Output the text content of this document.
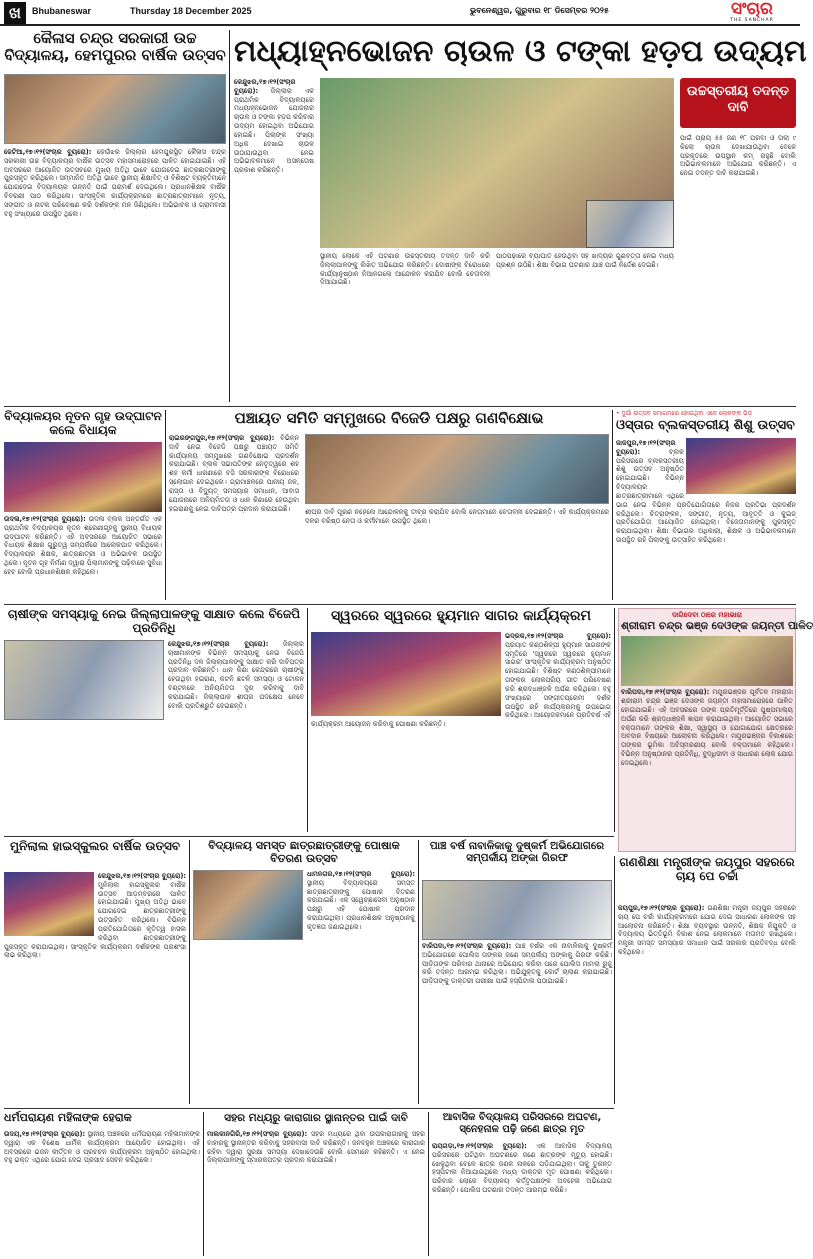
ଖ	Bhubaneswar	Thursday 18 December 2025	ଭୁବନେଶ୍ୱର, ଗୁରୁବାର ୧୮ ଡିସେମ୍ବର ୨୦୨୫	ସଂଚାର
THE SANCHAR
କୈଳାସ ଚନ୍ଦ୍ର ସରକାରୀ ଉଚ୍ଚ ବିଦ୍ୟାଳୟ, ହେମପୁରର ବାର୍ଷିକ ଉତ୍ସବ
ଜେଟିଆ,୧୭।୧୨(ସଂଚାର ବ୍ୟୁରୋ): କେଉଁଝର ଜିଲ୍ଲାର ହେମପୁରସ୍ଥିତ କୈଳାସ ଚନ୍ଦ୍ର ସରକାରୀ ଉଚ୍ଚ ବିଦ୍ୟାଳୟର ବାର୍ଷିକ ଉତ୍ସବ ମହାସମାରୋହରେ ପାଳିତ ହୋଇଯାଇଛି। ଏହି ଅବସରରେ ଆୟୋଜିତ ଉତ୍ସବରେ ମୁଖ୍ୟ ଅତିଥି ଭାବେ ଯୋଗଦେଇ ଛାତ୍ରଛାତ୍ରୀଙ୍କୁ ପୁରସ୍କୃତ କରିଥିଲେ। ସମ୍ମାନିତ ଅତିଥି ଭାବେ ସ୍ଥାନୀୟ ଶିକ୍ଷାବିତ୍ ଓ ବିଶିଷ୍ଟ ବ୍ୟକ୍ତିମାନେ ଯୋଗଦେଇ ବିଦ୍ୟାଳୟର ଉନ୍ନତି ପାଇଁ ପରାମର୍ଶ ଦେଇଥିଲେ। ପ୍ରଧାନଶିକ୍ଷକ ବାର୍ଷିକ ବିବରଣୀ ପାଠ କରିଥିଲେ। ସାଂସ୍କୃତିକ କାର୍ଯ୍ୟକ୍ରମରେ ଛାତ୍ରଛାତ୍ରୀମାନେ ନୃତ୍ୟ, ସଙ୍ଗୀତ ଓ ନାଟକ ପରିବେଷଣ କରି ଦର୍ଶକଙ୍କ ମନ ଜିଣିଥିଲେ। ଅଭିଭାବକ ଓ ଗ୍ରାମବାସୀ ବହୁ ସଂଖ୍ୟାରେ ଉପସ୍ଥିତ ଥିଲେ।
ମଧ୍ୟାହ୍ନଭୋଜନ ଚାଉଳ ଓ ଟଙ୍କା ହଡ଼ପ ଉଦ୍ୟମ
କେନ୍ଦୁଝର,୧୭।୧୨(ସଂଚାର ବ୍ୟୁରୋ): ଜିଲ୍ଲାର ଏକ ପ୍ରାଥମିକ ବିଦ୍ୟାଳୟରେ ମଧ୍ୟାହ୍ନଭୋଜନ ଯୋଜନାର ଚାଉଳ ଓ ଟଙ୍କା ହଡ଼ପ କରିବାର ଉଦ୍ୟମ ହୋଇଥିବା ଅଭିଯୋଗ ହୋଇଛି। ପିଲାଙ୍କ ସଂଖ୍ୟା ଅଧିକ ଦେଖାଇ ଚାଉଳ ଉଠାଯାଉଥିବା ନେଇ ଅଭିଭାବକମାନେ ଅସନ୍ତୋଷ ପ୍ରକାଶ କରିଛନ୍ତି।
ସ୍ଥାନୀୟ ଲୋକେ ଏହି ଘଟଣାର ଉଚ୍ଚସ୍ତରୀୟ ତଦନ୍ତ ଦାବି କରି ଜିଲ୍ଲାପାଳଙ୍କୁ ଲିଖିତ ଅଭିଯୋଗ କରିଛନ୍ତି। ଦୋଷୀଙ୍କ ବିରୋଧରେ କାର୍ଯ୍ୟାନୁଷ୍ଠାନ ନିଆନଗଲେ ଆନ୍ଦୋଳନ କରାଯିବ ବୋଲି ଚେତାବନୀ ଦିଆଯାଇଛି।
ପାଠପଢ଼ାରେ ବ୍ୟାଘାତ ହେଉଥିବା ସହ ଖାଦ୍ୟର ଗୁଣବତ୍ତା ନେଇ ମଧ୍ୟ ପ୍ରଶ୍ନ ଉଠିଛି। ଶିକ୍ଷା ବିଭାଗ ଘଟଣାର ଯାଞ୍ଚ ପାଇଁ ନିର୍ଦ୍ଦେଶ ଦେଇଛି।
ଉଚ୍ଚସ୍ତରୀୟ ତଦନ୍ତ ଦାବି
ପାଇଁ ପ୍ରାୟ ୫୫ ଜଣ ୧୮ ପରବା ଓ ତାଲା ୯ କିଲୋ ଚାଉଳ ଦେଖାଯାଉଥିବା ବେଳେ ପ୍ରକୃତରେ ଉପସ୍ଥାନ କମ୍ ରହୁଛି ବୋଲି ଅଭିଭାବକମାନେ ଅଭିଯୋଗ କରିଛନ୍ତି। ଏ ନେଇ ତଦନ୍ତ ଦାବି କରାଯାଇଛି।
ବିଦ୍ୟାଳୟର ନୂତନ ଗୃହ ଉଦ୍‌ଘାଟନ କଲେ ବିଧାୟକ
ଉଦଳା,୧୭।୧୨(ସଂଚାର ବ୍ୟୁରୋ): ଉଦଳା ବ୍ଲକ ଅନ୍ତର୍ଗତ ଏକ ପ୍ରାଥମିକ ବିଦ୍ୟାଳୟର ନୂତନ ଶ୍ରେଣୀଗୃହକୁ ସ୍ଥାନୀୟ ବିଧାୟକ ଉଦ୍‌ଘାଟନ କରିଛନ୍ତି। ଏହି ଅବସରରେ ଆୟୋଜିତ ସଭାରେ ବିଧାୟକ ଶିକ୍ଷାର ଗୁରୁତ୍ୱ ସମ୍ପର୍କରେ ଆଲୋକପାତ କରିଥିଲେ। ବିଦ୍ୟାଳୟର ଶିକ୍ଷକ, ଛାତ୍ରଛାତ୍ରୀ ଓ ଅଭିଭାବକ ଉପସ୍ଥିତ ଥିଲେ। ନୂତନ ଗୃହ ନିର୍ମାଣ ଦ୍ୱାରା ପିଲାମାନଙ୍କୁ ପଢ଼ିବାରେ ସୁବିଧା ହେବ ବୋଲି ପ୍ରଧାନଶିକ୍ଷକ କହିଥିଲେ।
ପଞ୍ଚାୟତ ସମିତି ସମ୍ମୁଖରେ ବିଜେଡି ପକ୍ଷରୁ ଗଣବିକ୍ଷୋଭ
ରାଇରଙ୍ଗପୁର,୧୭।୧୨(ସଂଚାର ବ୍ୟୁରୋ): ବିଭିନ୍ନ ଦାବି ନେଇ ବିଜେଡି ପକ୍ଷରୁ ପଞ୍ଚାୟତ ସମିତି କାର୍ଯ୍ୟାଳୟ ସମ୍ମୁଖରେ ଗଣବିକ୍ଷୋଭ ପ୍ରଦର୍ଶନ କରାଯାଇଛି। ବ୍ଲକ ସଭାପତିଙ୍କ ନେତୃତ୍ୱରେ ଶହ ଶହ କର୍ମୀ ଧାରଣାରେ ବସି ସରକାରଙ୍କ ବିରୋଧରେ ସ୍ଲୋଗାନ ଦେଇଥିଲେ। ଗ୍ରାମାଞ୍ଚଳରେ ପାନୀୟ ଜଳ, ରାସ୍ତା ଓ ବିଦ୍ୟୁତ୍ ସମସ୍ୟାର ସମାଧାନ, ଆବାସ ଯୋଜନାରେ ଅନିୟମିତତା ଓ ଧାନ କିଣାରେ ହେଉଥିବା ହଇରାଣକୁ ନେଇ ଦାବିପତ୍ର ପ୍ରଦାନ କରାଯାଇଛି।	ଶୀଘ୍ର ଦାବି ପୂରଣ ନହେଲେ ଆନ୍ଦୋଳନକୁ ତୀବ୍ର କରାଯିବ ବୋଲି ନେତାମାନେ ଚେତାବନୀ ଦେଇଛନ୍ତି। ଏହି କାର୍ଯ୍ୟକ୍ରମରେ ଦଳର ବରିଷ୍ଠ ନେତା ଓ କର୍ମୀମାନେ ଉପସ୍ଥିତ ଥିଲେ।
• ଦୁର୍ଗା ଉତ୍ସବ ସମାଗମରେ ହୋଇଥିବା ଏବେ ଲୋକଙ୍କ ଭିଡ଼
ଓସ୍ତାର ବ୍ଲକସ୍ତରୀୟ ଶିଶୁ ଉତ୍ସବ
ଜାଜପୁର,୧୭।୧୨(ସଂଚାର ବ୍ୟୁରୋ):	ବ୍ଲକ ପରିସରରେ ବ୍ଲକସ୍ତରୀୟ ଶିଶୁ ଉତ୍ସବ ଅନୁଷ୍ଠିତ ହୋଇଯାଇଛି। ବିଭିନ୍ନ ବିଦ୍ୟାଳୟର ଛାତ୍ରଛାତ୍ରୀମାନେ ଏଥିରେ ଭାଗ ନେଇ ବିଭିନ୍ନ ପ୍ରତିଯୋଗିତାରେ ନିଜର ପ୍ରତିଭା ପ୍ରଦର୍ଶନ କରିଥିଲେ। ଚିତ୍ରାଙ୍କନ, ସଙ୍ଗୀତ, ନୃତ୍ୟ, ଆବୃତ୍ତି ଓ କୁଇଜ୍ ପ୍ରତିଯୋଗିତା ଆୟୋଜିତ ହୋଇଥିଲା। ବିଜେତାମାନଙ୍କୁ ପୁରସ୍କୃତ କରାଯାଇଥିଲା। ଶିକ୍ଷା ବିଭାଗର ଅଧିକାରୀ, ଶିକ୍ଷକ ଓ ଅଭିଭାବକମାନେ ଉପସ୍ଥିତ ରହି ପିଲାଙ୍କୁ ଉତ୍ସାହିତ କରିଥିଲେ।
ଚାଷୀଙ୍କ ସମସ୍ୟାକୁ ନେଇ ଜିଲ୍ଲାପାଳଙ୍କୁ ସାକ୍ଷାତ କଲେ ବିଜେପି ପ୍ରତିନିଧି
କେନ୍ଦୁଝର,୧୭।୧୨(ସଂଚାର ବ୍ୟୁରୋ): ଜିଲ୍ଲାର ଚାଷୀମାନଙ୍କ ବିଭିନ୍ନ ସମସ୍ୟାକୁ ନେଇ ବିଜେପି ପ୍ରତିନିଧି ଦଳ ଜିଲ୍ଲାପାଳଙ୍କୁ ସାକ୍ଷାତ କରି ଦାବିପତ୍ର ପ୍ରଦାନ କରିଛନ୍ତି। ଧାନ କିଣା କେନ୍ଦ୍ରରେ ଚାଷୀଙ୍କୁ ହେଉଥିବା ହଇରାଣ, କଟନି ଛଟନି ସମସ୍ୟା ଓ ଟୋକନ ବଣ୍ଟନରେ ଅନିୟମିତତା ଦୂର କରିବାକୁ ଦାବି କରାଯାଇଛି। ଜିଲ୍ଲାପାଳ ଶୀଘ୍ର ପଦକ୍ଷେପ ନେବେ ବୋଲି ପ୍ରତିଶ୍ରୁତି ଦେଇଛନ୍ତି।
ସ୍ୱରରେ ସ୍ୱରରେ ହ୍ୟୁମାନ ସାଗର କାର୍ଯ୍ୟକ୍ରମ
ଭଦ୍ରକ,୧୭।୧୨(ସଂଚାର ବ୍ୟୁରୋ): ପ୍ରୟାତ କଣ୍ଠଶିଳ୍ପୀ ହ୍ୟୁମାନ ସାଗରଙ୍କ ସ୍ମୃତିରେ 'ସ୍ୱରରେ ସ୍ୱରରେ ହ୍ୟୁମାନ ସାଗର' ସାଂସ୍କୃତିକ କାର୍ଯ୍ୟକ୍ରମ ଅନୁଷ୍ଠିତ ହୋଇଯାଇଛି। ବିଶିଷ୍ଟ କଣ୍ଠଶିଳ୍ପୀମାନେ ତାଙ୍କର ଲୋକପ୍ରିୟ ଗୀତ ପରିବେଷଣ କରି ଶ୍ରଦ୍ଧାଞ୍ଜଳି ଅର୍ପଣ କରିଥିଲେ। ବହୁ ସଂଖ୍ୟାରେ ସଙ୍ଗୀତପ୍ରେମୀ ଦର୍ଶକ ଉପସ୍ଥିତ ରହି କାର୍ଯ୍ୟକ୍ରମକୁ ଉପଭୋଗ କରିଥିଲେ। ଆୟୋଜକମାନେ ପ୍ରତିବର୍ଷ ଏହି କାର୍ଯ୍ୟକ୍ରମ ଆୟୋଜନ କରିବାକୁ ଘୋଷଣା କରିଛନ୍ତି।
ଦାଗିଦେବା ଠାରେ ମହାଭାରା
ଶ୍ରୀରାମ ଚନ୍ଦ୍ର ଭଞ୍ଜ ଦେଓଙ୍କ ଜୟନ୍ତୀ ପାଳିତ
ବାରିପଦା,୧୭।୧୨(ସଂଚାର ବ୍ୟୁରୋ): ମୟୂରଭଞ୍ଜର ପୂର୍ବତନ ମହାରାଜା ଶ୍ରୀରାମ ଚନ୍ଦ୍ର ଭଞ୍ଜ ଦେଓଙ୍କ ଜୟନ୍ତୀ ମହାସମାରୋହରେ ପାଳିତ ହୋଇଯାଇଛି। ଏହି ଅବସରରେ ତାଙ୍କ ପ୍ରତିମୂର୍ତ୍ତିରେ ପୁଷ୍ପମାଲ୍ୟ ଅର୍ପଣ କରି ଶ୍ରଦ୍ଧାଞ୍ଜଳି ଜ୍ଞାପନ କରାଯାଇଥିଲା। ଆୟୋଜିତ ସଭାରେ ବକ୍ତାମାନେ ତାଙ୍କର ଶିକ୍ଷା, ସ୍ୱାସ୍ଥ୍ୟ ଓ ଯୋଗାଯୋଗ କ୍ଷେତ୍ରରେ ଅବଦାନ ବିଷୟରେ ଆଲୋଚନା କରିଥିଲେ। ମୟୂରଭଞ୍ଜର ବିକାଶରେ ତାଙ୍କର ଭୂମିକା ଅବିସ୍ମରଣୀୟ ବୋଲି ବକ୍ତାମାନେ କହିଥିଲେ। ବିଭିନ୍ନ ଅନୁଷ୍ଠାନର ପ୍ରତିନିଧି, ବୁଦ୍ଧିଜୀବୀ ଓ ସାଧାରଣ ଲୋକ ଯୋଗ ଦେଇଥିଲେ।
ମୁନିଲାଲ ହାଇସ୍କୁଲର ବାର୍ଷିକ ଉତ୍ସବ
କେନ୍ଦୁଝର,୧୭।୧୨(ସଂଚାର ବ୍ୟୁରୋ): ମୁନିଲାଲ ହାଇସ୍କୁଲର ବାର୍ଷିକ ଉତ୍ସବ ଆଡ଼ମ୍ବରରେ ପାଳିତ ହୋଇଯାଇଛି। ମୁଖ୍ୟ ଅତିଥି ଭାବେ ଯୋଗଦେଇ ଛାତ୍ରଛାତ୍ରୀଙ୍କୁ ଉତ୍ସାହିତ କରିଥିଲେ। ବିଭିନ୍ନ ପ୍ରତିଯୋଗିତାରେ କୃତିତ୍ୱ ହାସଲ କରିଥିବା ଛାତ୍ରଛାତ୍ରୀଙ୍କୁ ପୁରସ୍କୃତ କରାଯାଇଥିଲା। ସାଂସ୍କୃତିକ କାର୍ଯ୍ୟକ୍ରମ ଦର୍ଶକଙ୍କ ପ୍ରଶଂସା ଲାଭ କରିଥିଲା।
ବିଦ୍ୟାଳୟ ସମସ୍ତ ଛାତ୍ରଛାତ୍ରୀଙ୍କୁ ପୋଷାକ ବିତରଣ ଉତ୍ସବ
ଧାମନଗର,୧୭।୧୨(ସଂଚାର ବ୍ୟୁରୋ): ସ୍ଥାନୀୟ ବିଦ୍ୟାଳୟରେ ସମସ୍ତ ଛାତ୍ରଛାତ୍ରୀଙ୍କୁ ପୋଷାକ ବିତରଣ କରାଯାଇଛି। ଏକ ସ୍ୱେଚ୍ଛାସେବୀ ଅନୁଷ୍ଠାନ ପକ୍ଷରୁ ଏହି ପୋଷାକ ପ୍ରଦାନ କରାଯାଇଥିଲା। ପ୍ରଧାନଶିକ୍ଷକ ଅନୁଷ୍ଠାନକୁ କୃତଜ୍ଞତା ଜଣାଇଥିଲେ।
ପାଞ୍ଚ ବର୍ଷ ନାବାଳିକାକୁ ଦୁଷ୍କର୍ମ ଅଭିଯୋଗରେ ସମ୍ପର୍କୀୟ ଅଙ୍କା ଗିରଫ
ବାରିପଦା,୧୭।୧୨(ସଂଚାର ବ୍ୟୁରୋ): ପାଞ୍ଚ ବର୍ଷର ଏକ ନାବାଳିକାକୁ ଦୁଷ୍କର୍ମ ଅଭିଯୋଗରେ ପୋଲିସ ତାଙ୍କର ଜଣେ ସମ୍ପର୍କୀୟ ଅଙ୍କାକୁ ଗିରଫ କରିଛି। ପୀଡ଼ିତାଙ୍କ ପରିବାର ଥାନାରେ ଅଭିଯୋଗ କରିବା ପରେ ପୋଲିସ ମାମଲା ରୁଜୁ କରି ତଦନ୍ତ ଆରମ୍ଭ କରିଥିଲା। ଅଭିଯୁକ୍ତକୁ କୋର୍ଟ ଚାଲାଣ କରାଯାଇଛି। ପୀଡ଼ିତାଙ୍କୁ ଡାକ୍ତରୀ ପରୀକ୍ଷା ପାଇଁ ହସ୍ପିଟାଲ ପଠାଯାଇଛି।
ଗଣଶିକ୍ଷା ମନ୍ତ୍ରୀଙ୍କ ଜୟପୁର ସହରରେ ଚାୟ ପେ ଚର୍ଚ୍ଚା
ଜୟପୁର,୧୭।୧୨(ସଂଚାର ବ୍ୟୁରୋ): ଗଣଶିକ୍ଷା ମନ୍ତ୍ରୀ ଜୟପୁର ସହରରେ ଚାୟ ପେ ଚର୍ଚ୍ଚା କାର୍ଯ୍ୟକ୍ରମରେ ଯୋଗ ଦେଇ ସାଧାରଣ ଲୋକଙ୍କ ସହ ଆଲୋଚନା କରିଛନ୍ତି। ଶିକ୍ଷା ବ୍ୟବସ୍ଥାର ଉନ୍ନତି, ଶିକ୍ଷକ ନିଯୁକ୍ତି ଓ ବିଦ୍ୟାଳୟ ଭିତ୍ତିଭୂମି ବିକାଶ ନେଇ ଲୋକମାନେ ମତାମତ ରଖିଥିଲେ। ମନ୍ତ୍ରୀ ସମସ୍ତ ସମସ୍ୟାର ସମାଧାନ ପାଇଁ ସରକାର ପ୍ରତିବଦ୍ଧ ବୋଲି କହିଥିଲେ।
ଧର୍ମପରାୟଣ ମହିଳାଙ୍କ ହେରାକ
ଉଦୟ,୧୭।୧୨(ସଂଚାର ବ୍ୟୁରୋ): ସ୍ଥାନୀୟ ଅଞ୍ଚଳରେ ଧର୍ମପରାୟଣ ମହିଳାମାନଙ୍କ ଦ୍ୱାରା ଏକ ବିଶେଷ ଧାର୍ମିକ କାର୍ଯ୍ୟକ୍ରମ ଆୟୋଜିତ ହୋଇଥିଲା। ଏହି ଅବସରରେ ଭଜନ କୀର୍ତ୍ତନ ଓ ପ୍ରବଚନ କାର୍ଯ୍ୟକ୍ରମ ଅନୁଷ୍ଠିତ ହୋଇଥିଲା। ବହୁ ଭକ୍ତ ଏଥିରେ ଯୋଗ ଦେଇ ପ୍ରସାଦ ସେବନ କରିଥିଲେ।
ସହର ମଧ୍ୟରୁ କାରାଗାର ସ୍ଥାନାନ୍ତର ପାଇଁ ଦାବି
ମାଲକାନଗିରି,୧୭।୧୨(ସଂଚାର ବ୍ୟୁରୋ): ସହର ମଧ୍ୟରେ ଥିବା ଉପକାରାଗାରକୁ ସହର ବାହାରକୁ ସ୍ଥାନାନ୍ତର କରିବାକୁ ସହରବାସୀ ଦାବି କରିଛନ୍ତି। ଜନବହୁଳ ଅଞ୍ଚଳରେ କାରାଗାର ରହିବା ଦ୍ୱାରା ସୁରକ୍ଷା ସମସ୍ୟା ଦେଖାଦେଉଛି ବୋଲି ସେମାନେ କହିଛନ୍ତି। ଏ ନେଇ ଜିଲ୍ଲାପାଳଙ୍କୁ ସ୍ମାରକପତ୍ର ପ୍ରଦାନ କରାଯାଇଛି।
ଆବାସିକ ବିଦ୍ୟାଳୟ ପରିସରରେ ଅଘଟଣ, ସ୍ନେହନାଳ ପଢ଼ି ଜଣେ ଛାତ୍ର ମୃତ
ରାୟଗଡ଼ା,୧୭।୧୨(ସଂଚାର ବ୍ୟୁରୋ): ଏକ ଆବାସିକ ବିଦ୍ୟାଳୟ ପରିସରରେ ଘଟିଥିବା ଅଘଟଣରେ ଜଣେ ଛାତ୍ରଙ୍କ ମୃତ୍ୟୁ ହୋଇଛି। ଖେଳୁଥିବା ବେଳେ ଛାତ୍ର ଜଣକ ନାଳରେ ପଡ଼ିଯାଇଥିଲା। ତାକୁ ତୁରନ୍ତ ହସ୍ପିଟାଲ ନିଆଯାଇଥିଲେ ମଧ୍ୟ ଡାକ୍ତର ମୃତ ଘୋଷଣା କରିଥିଲେ। ପରିବାର ଲୋକେ ବିଦ୍ୟାଳୟ କର୍ତ୍ତୃପକ୍ଷଙ୍କ ଅବହେଳା ଅଭିଯୋଗ କରିଛନ୍ତି। ପୋଲିସ ଘଟଣାର ତଦନ୍ତ ଆରମ୍ଭ କରିଛି।
